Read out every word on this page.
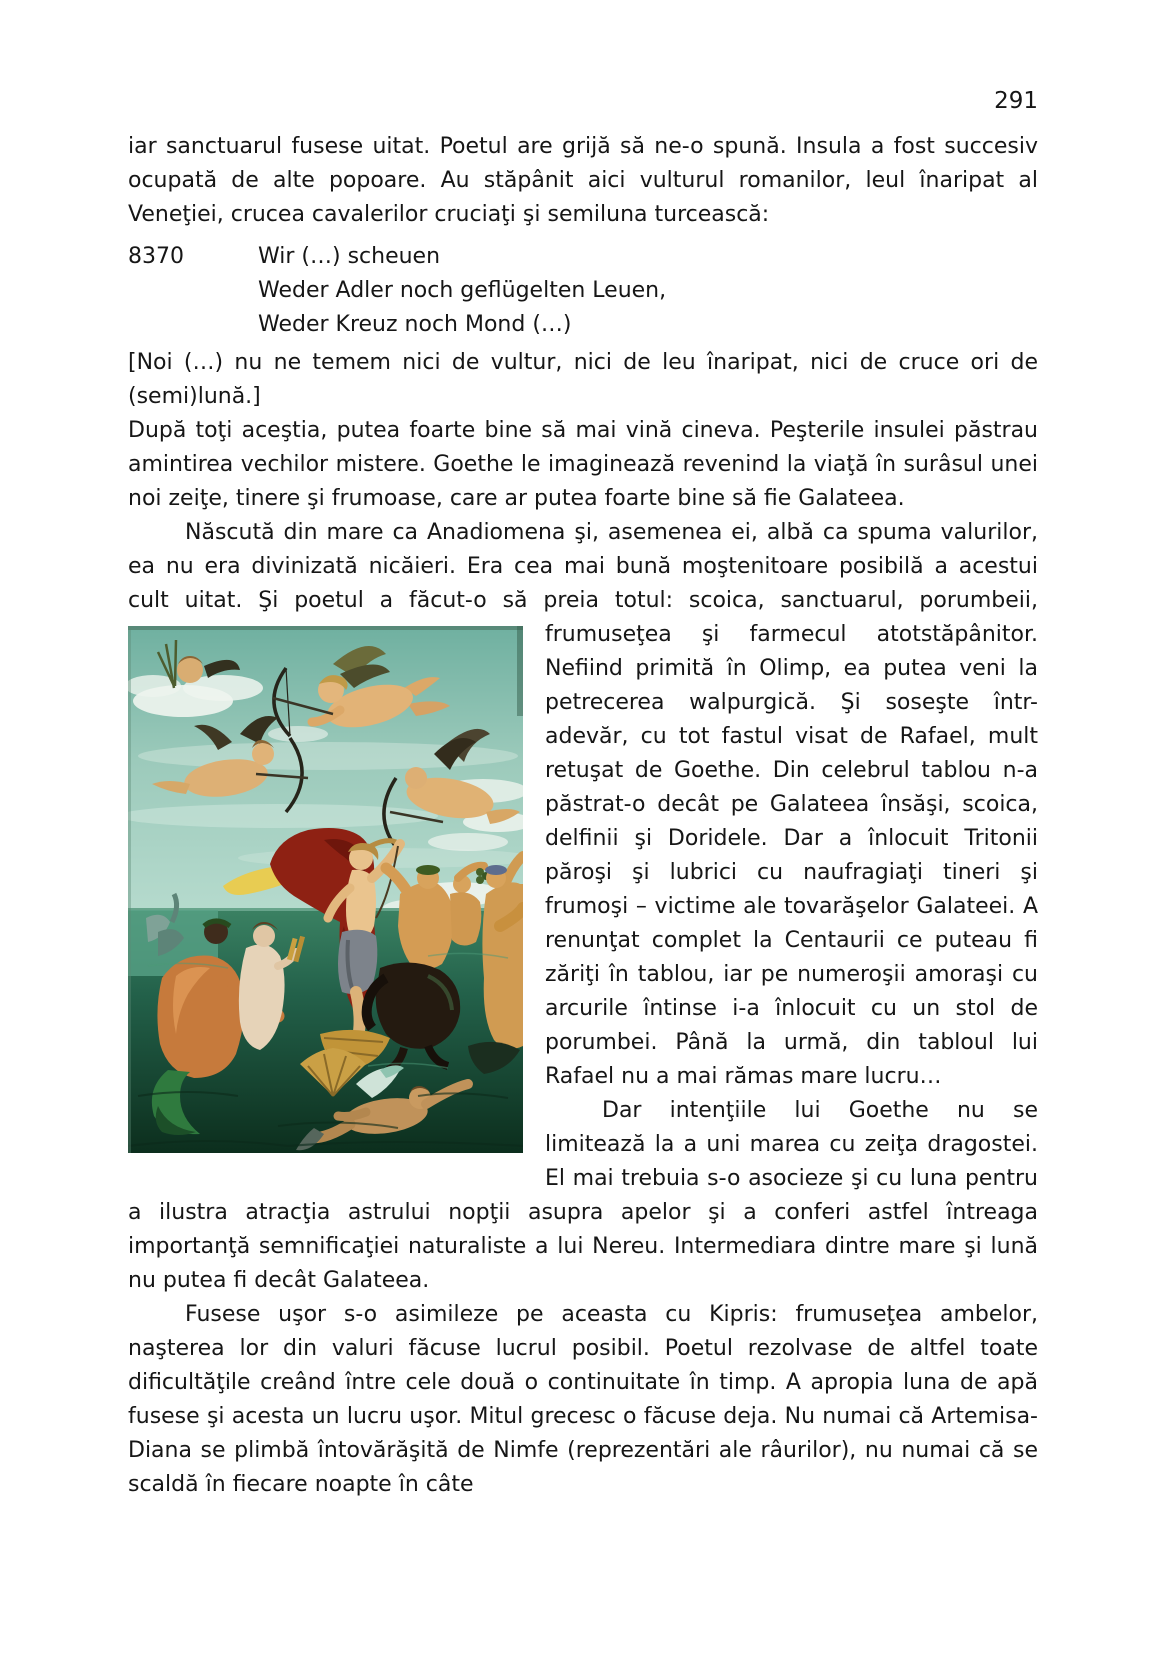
291

iar sanctuarul fusese uitat. Poetul are grijă să ne-o spună. Insula a fost succesiv ocupată de alte popoare. Au stăpânit aici vulturul romanilor, leul înaripat al Veneţiei, crucea cavalerilor cruciaţi şi semiluna turcească:

8370	Wir (…) scheuen
Weder Adler noch geflügelten Leuen,
Weder Kreuz noch Mond (…)

[Noi (…) nu ne temem nici de vultur, nici de leu înaripat, nici de cruce ori de (semi)lună.]

După toţi aceştia, putea foarte bine să mai vină cineva. Peşterile insulei păstrau amintirea vechilor mistere. Goethe le imaginează revenind la viaţă în surâsul unei noi zeiţe, tinere şi frumoase, care ar putea foarte bine să fie Galateea.

Născută din mare ca Anadiomena şi, asemenea ei, albă ca spuma valurilor, ea nu era divinizată nicăieri. Era cea mai bună moştenitoare posibilă a acestui cult uitat. Şi poetul a făcut-o să preia totul: scoica,
sanctuarul, porumbeii, frumuseţea şi farmecul atotstăpânitor. Nefiind primită în Olimp, ea putea veni la petrecerea walpurgică. Şi soseşte într-adevăr, cu tot fastul visat de Rafael, mult retuşat de Goethe. Din celebrul tablou n-a păstrat-o decât pe Galateea însăşi, scoica, delfinii şi Doridele. Dar a înlocuit Tritonii păroşi şi lubrici cu naufragiaţi tineri şi frumoşi – victime ale tovarăşelor Galateei. A renunţat complet la Centaurii ce puteau fi zăriţi în tablou, iar pe numeroşii amoraşi cu arcurile întinse i-a înlocuit cu un stol de porumbei. Până la urmă, din tabloul lui Rafael nu a mai rămas mare lucru…

Dar intenţiile lui Goethe nu se limitează la a uni marea cu zeiţa dragostei. El mai trebuia s-o asocieze şi cu luna pentru a ilustra atracţia astrului nopţii asupra apelor şi a conferi astfel întreaga importanţă semnificaţiei naturaliste a lui Nereu. Intermediara dintre mare şi lună nu putea fi decât Galateea.

Fusese uşor s-o asimileze pe aceasta cu Kipris: frumuseţea ambelor, naşterea lor din valuri făcuse lucrul posibil. Poetul rezolvase de altfel toate dificultăţile creând între cele două o continuitate în timp. A apropia luna de apă fusese şi acesta un lucru uşor. Mitul grecesc o făcuse deja. Nu numai că Artemisa-Diana se plimbă întovărăşită de Nimfe (reprezentări ale râurilor), nu numai că se scaldă în fiecare noapte în câte
